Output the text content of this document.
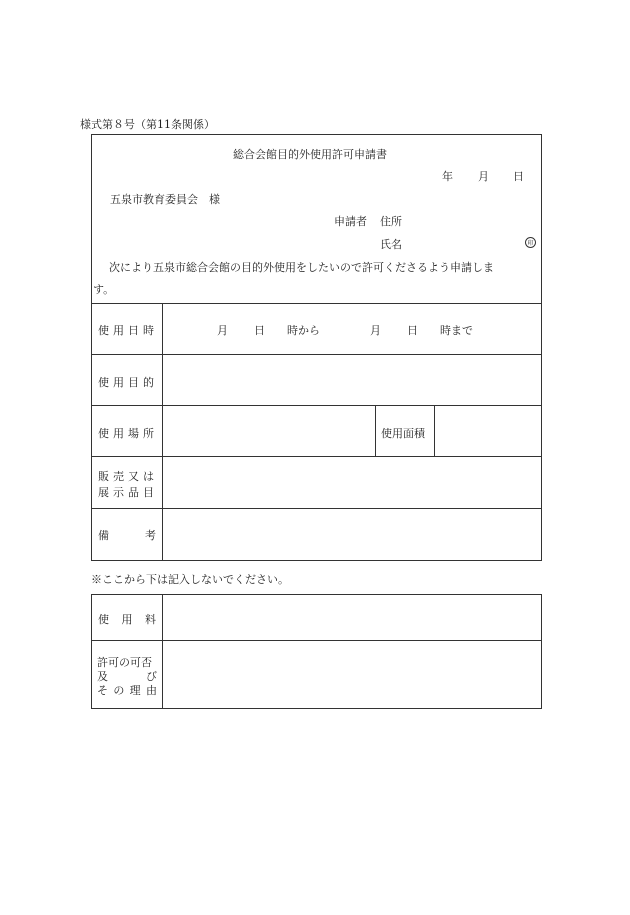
様式第８号（第11条関係）
総合会館目的外使用許可申請書
年 月 日
五泉市教育委員会　様
申請者 住所
氏名	印
次により五泉市総合会館の目的外使用をしたいので許可くださるよう申請しま
す。
使用日時	月 日 時から	月 日 時まで
使用目的
使用場所	使用面積
販売又は
展示品目
備考
※ここから下は記入しないでください。
使用料
許可の可否
及び
その理由
